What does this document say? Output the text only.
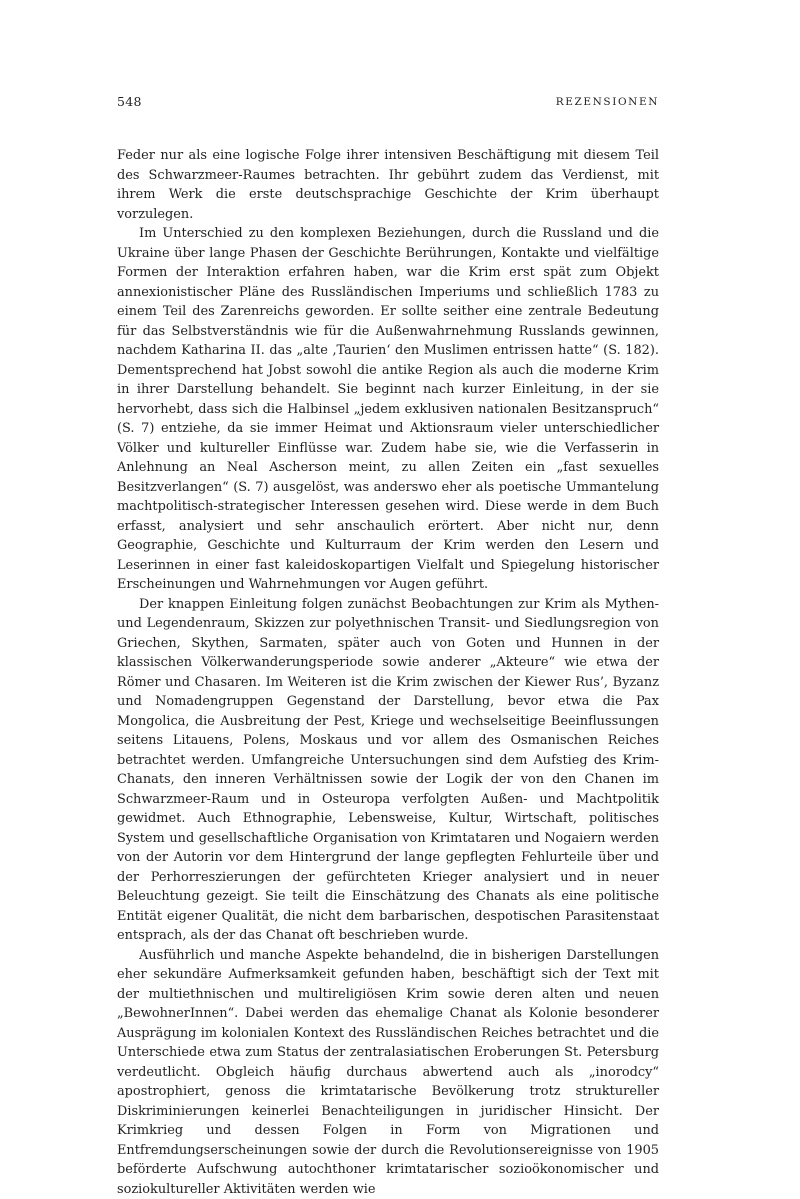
548	REZENSIONEN

Feder nur als eine logische Folge ihrer intensiven Beschäftigung mit diesem Teil des Schwarzmeer-Raumes betrachten. Ihr gebührt zudem das Verdienst, mit ihrem Werk die erste deutschsprachige Geschichte der Krim überhaupt vorzulegen.

Im Unterschied zu den komplexen Beziehungen, durch die Russland und die Ukraine über lange Phasen der Geschichte Berührungen, Kontakte und vielfältige Formen der Interaktion erfahren haben, war die Krim erst spät zum Objekt annexionistischer Pläne des Russländischen Imperiums und schließlich 1783 zu einem Teil des Zarenreichs geworden. Er sollte seither eine zentrale Bedeutung für das Selbstverständnis wie für die Außenwahrnehmung Russlands gewinnen, nachdem Katharina II. das „alte ‚Taurien‘ den Muslimen entrissen hatte“ (S. 182). Dementsprechend hat Jobst sowohl die antike Region als auch die moderne Krim in ihrer Darstellung behandelt. Sie beginnt nach kurzer Einleitung, in der sie hervorhebt, dass sich die Halbinsel „jedem exklusiven nationalen Besitzanspruch“ (S. 7) entziehe, da sie immer Heimat und Aktionsraum vieler unterschiedlicher Völker und kultureller Einflüsse war. Zudem habe sie, wie die Verfasserin in Anlehnung an Neal Ascherson meint, zu allen Zeiten ein „fast sexuelles Besitzverlangen“ (S. 7) ausgelöst, was anderswo eher als poetische Ummantelung machtpolitisch-strategischer Interessen gesehen wird. Diese werde in dem Buch erfasst, analysiert und sehr anschaulich erörtert. Aber nicht nur, denn Geographie, Geschichte und Kulturraum der Krim werden den Lesern und Leserinnen in einer fast kaleidoskopartigen Vielfalt und Spiegelung historischer Erscheinungen und Wahrnehmungen vor Augen geführt.

Der knappen Einleitung folgen zunächst Beobachtungen zur Krim als Mythen- und Legendenraum, Skizzen zur polyethnischen Transit- und Siedlungsregion von Griechen, Skythen, Sarmaten, später auch von Goten und Hunnen in der klassischen Völkerwanderungsperiode sowie anderer „Akteure“ wie etwa der Römer und Chasaren. Im Weiteren ist die Krim zwischen der Kiewer Rus’, Byzanz und Nomadengruppen Gegenstand der Darstellung, bevor etwa die Pax Mongolica, die Ausbreitung der Pest, Kriege und wechselseitige Beeinflussungen seitens Litauens, Polens, Moskaus und vor allem des Osmanischen Reiches betrachtet werden. Umfangreiche Untersuchungen sind dem Aufstieg des Krim-Chanats, den inneren Verhältnissen sowie der Logik der von den Chanen im Schwarzmeer-Raum und in Osteuropa verfolgten Außen- und Machtpolitik gewidmet. Auch Ethnographie, Lebensweise, Kultur, Wirtschaft, politisches System und gesellschaftliche Organisation von Krimtataren und Nogaiern werden von der Autorin vor dem Hintergrund der lange gepflegten Fehlurteile über und der Perhorreszierungen der gefürchteten Krieger analysiert und in neuer Beleuchtung gezeigt. Sie teilt die Einschätzung des Chanats als eine politische Entität eigener Qualität, die nicht dem barbarischen, despotischen Parasitenstaat entsprach, als der das Chanat oft beschrieben wurde.

Ausführlich und manche Aspekte behandelnd, die in bisherigen Darstellungen eher sekundäre Aufmerksamkeit gefunden haben, beschäftigt sich der Text mit der multiethnischen und multireligiösen Krim sowie deren alten und neuen „BewohnerInnen“. Dabei werden das ehemalige Chanat als Kolonie besonderer Ausprägung im kolonialen Kontext des Russländischen Reiches betrachtet und die Unterschiede etwa zum Status der zentralasiatischen Eroberungen St. Petersburg verdeutlicht. Obgleich häufig durchaus abwertend auch als „inorodcy“ apostrophiert, genoss die krimtatarische Bevölkerung trotz struktureller Diskriminierungen keinerlei Benachteiligungen in juridischer Hinsicht. Der Krimkrieg und dessen Folgen in Form von Migrationen und Entfremdungserscheinungen sowie der durch die Revolutionsereignisse von 1905 beförderte Aufschwung autochthoner krimtatarischer sozioökonomischer und soziokultureller Aktivitäten werden wie
